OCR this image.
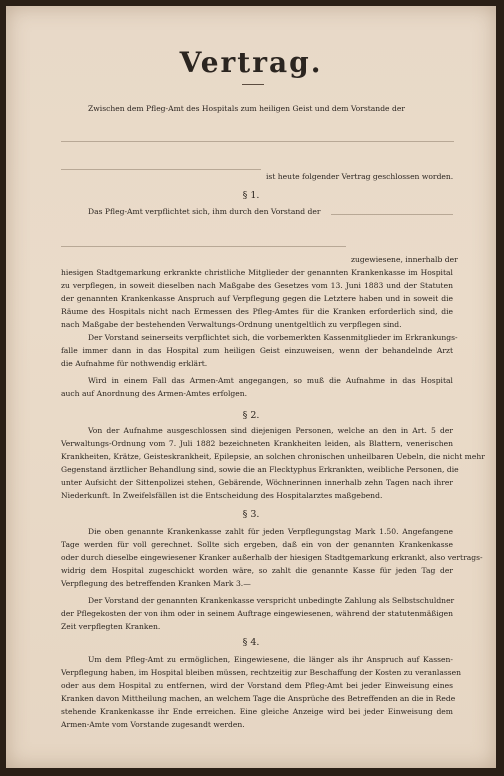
Vertrag.
Zwischen dem Pfleg-Amt des Hospitals zum heiligen Geist und dem Vorstande der
ist heute folgender Vertrag geschlossen worden.
§ 1.
Das Pfleg-Amt verpflichtet sich, ihm durch den Vorstand der
zugewiesene, innerhalb der
hiesigen Stadtgemarkung erkrankte christliche Mitglieder der genannten Krankenkasse im Hospital
zu verpflegen, in soweit dieselben nach Maßgabe des Gesetzes vom 13. Juni 1883 und der Statuten
der genannten Krankenkasse Anspruch auf Verpflegung gegen die Letztere haben und in soweit die
Räume des Hospitals nicht nach Ermessen des Pfleg-Amtes für die Kranken erforderlich sind, die
nach Maßgabe der bestehenden Verwaltungs-Ordnung unentgeltlich zu verpflegen sind.
Der Vorstand seinerseits verpflichtet sich, die vorbemerkten Kassenmitglieder im Erkrankungs-
falle immer dann in das Hospital zum heiligen Geist einzuweisen, wenn der behandelnde Arzt
die Aufnahme für nothwendig erklärt.
Wird in einem Fall das Armen-Amt angegangen, so muß die Aufnahme in das Hospital
auch auf Anordnung des Armen-Amtes erfolgen.
§ 2.
Von der Aufnahme ausgeschlossen sind diejenigen Personen, welche an den in Art. 5 der
Verwaltungs-Ordnung vom 7. Juli 1882 bezeichneten Krankheiten leiden, als Blattern, venerischen
Krankheiten, Krätze, Geisteskrankheit, Epilepsie, an solchen chronischen unheilbaren Uebeln, die nicht mehr
Gegenstand ärztlicher Behandlung sind, sowie die an Flecktyphus Erkrankten, weibliche Personen, die
unter Aufsicht der Sittenpolizei stehen, Gebärende, Wöchnerinnen innerhalb zehn Tagen nach ihrer
Niederkunft. In Zweifelsfällen ist die Entscheidung des Hospitalarztes maßgebend.
§ 3.
Die oben genannte Krankenkasse zahlt für jeden Verpflegungstag Mark 1.50. Angefangene
Tage werden für voll gerechnet. Sollte sich ergeben, daß ein von der genannten Krankenkasse
oder durch dieselbe eingewiesener Kranker außerhalb der hiesigen Stadtgemarkung erkrankt, also vertrags-
widrig dem Hospital zugeschickt worden wäre, so zahlt die genannte Kasse für jeden Tag der
Verpflegung des betreffenden Kranken Mark 3.—
Der Vorstand der genannten Krankenkasse verspricht unbedingte Zahlung als Selbstschuldner
der Pflegekosten der von ihm oder in seinem Auftrage eingewiesenen, während der statutenmäßigen
Zeit verpflegten Kranken.
§ 4.
Um dem Pfleg-Amt zu ermöglichen, Eingewiesene, die länger als ihr Anspruch auf Kassen-
Verpflegung haben, im Hospital bleiben müssen, rechtzeitig zur Beschaffung der Kosten zu veranlassen
oder aus dem Hospital zu entfernen, wird der Vorstand dem Pfleg-Amt bei jeder Einweisung eines
Kranken davon Mittheilung machen, an welchem Tage die Ansprüche des Betreffenden an die in Rede
stehende Krankenkasse ihr Ende erreichen. Eine gleiche Anzeige wird bei jeder Einweisung dem
Armen-Amte vom Vorstande zugesandt werden.
